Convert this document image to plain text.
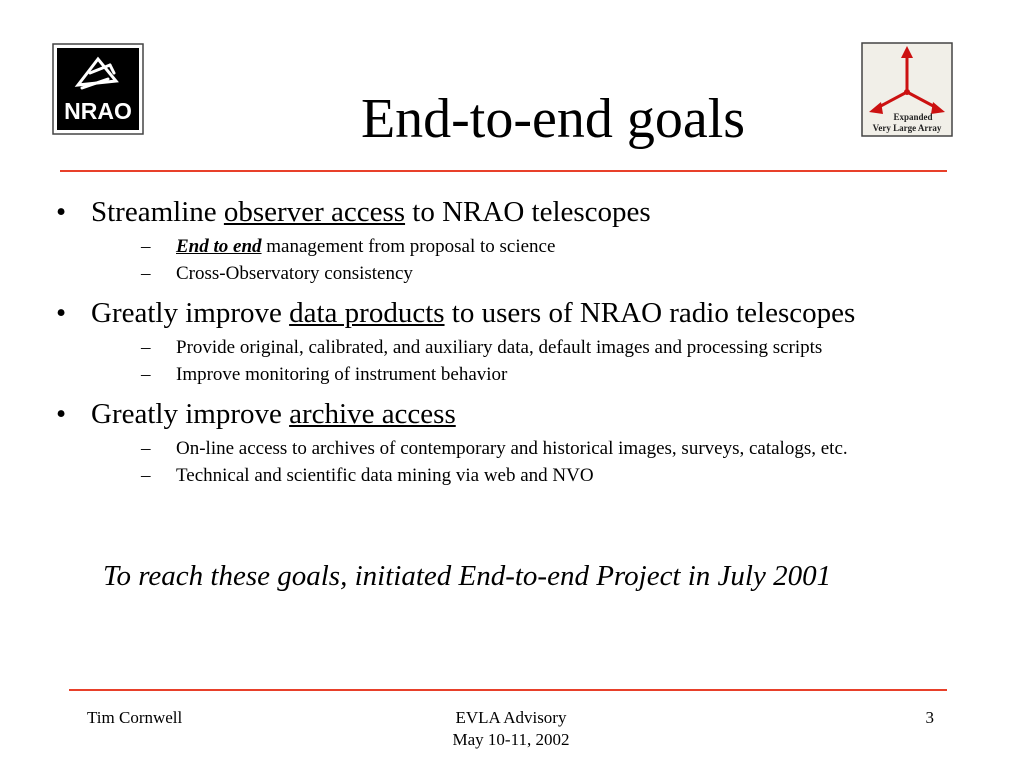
NRAO	Expanded
Very Large Array
End-to-end goals
• Streamline observer access to NRAO telescopes
– End to end management from proposal to science
– Cross-Observatory consistency
• Greatly improve data products to users of NRAO radio telescopes
– Provide original, calibrated, and auxiliary data, default images and processing scripts
– Improve monitoring of instrument behavior
• Greatly improve archive access
– On-line access to archives of contemporary and historical images, surveys, catalogs, etc.
– Technical and scientific data mining via web and NVO
To reach these goals, initiated End-to-end Project in July 2001
Tim Cornwell	EVLA Advisory
May 10-11, 2002
3
